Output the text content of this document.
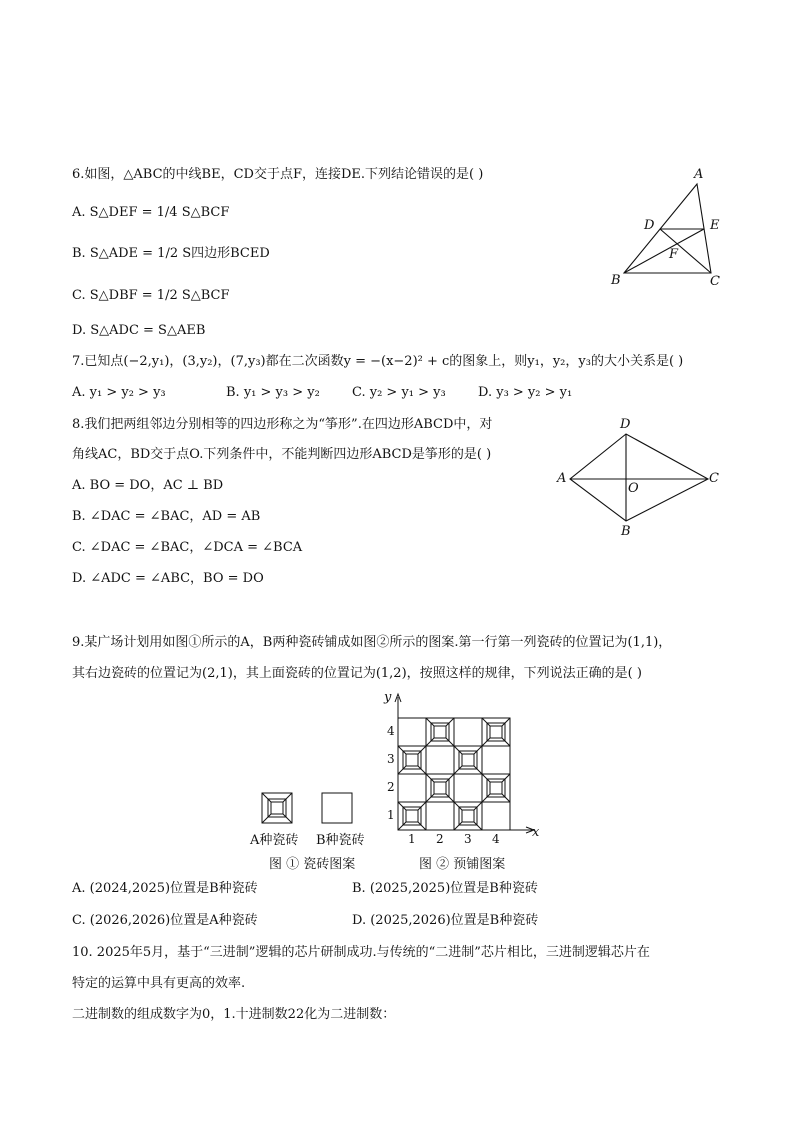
6.如图，△ABC的中线BE，CD交于点F，连接DE.下列结论错误的是( )
A. S△DEF = 1/4 S△BCF
B. S△ADE = 1/2 S四边形BCED
C. S△DBF = 1/2 S△BCF
D. S△ADC = S△AEB
A
B	C
D	E
F
7.已知点(−2,y₁)，(3,y₂)，(7,y₃)都在二次函数y = −(x−2)² + c的图象上，则y₁，y₂，y₃的大小关系是( )
A. y₁ > y₂ > y₃	B. y₁ > y₃ > y₂ C. y₂ > y₁ > y₃ D. y₃ > y₂ > y₁
8.我们把两组邻边分别相等的四边形称之为“筝形”.在四边形ABCD中，对
角线AC，BD交于点O.下列条件中，不能判断四边形ABCD是筝形的是( )
A. BO = DO，AC ⊥ BD
B. ∠DAC = ∠BAC，AD = AB
C. ∠DAC = ∠BAC，∠DCA = ∠BCA
D. ∠ADC = ∠ABC，BO = DO
D
A	C
B
O
9.某广场计划用如图①所示的A，B两种瓷砖铺成如图②所示的图案.第一行第一列瓷砖的位置记为(1,1)，
其右边瓷砖的位置记为(2,1)，其上面瓷砖的位置记为(1,2)，按照这样的规律，下列说法正确的是( )
A种瓷砖 B种瓷砖
图 ① 瓷砖图案
y
x
4
3
2
1
1 2 3 4
图 ② 预铺图案
A. (2024,2025)位置是B种瓷砖	B. (2025,2025)位置是B种瓷砖
C. (2026,2026)位置是A种瓷砖	D. (2025,2026)位置是B种瓷砖
10. 2025年5月，基于“三进制”逻辑的芯片研制成功.与传统的“二进制”芯片相比，三进制逻辑芯片在
特定的运算中具有更高的效率.
二进制数的组成数字为0，1.十进制数22化为二进制数：
